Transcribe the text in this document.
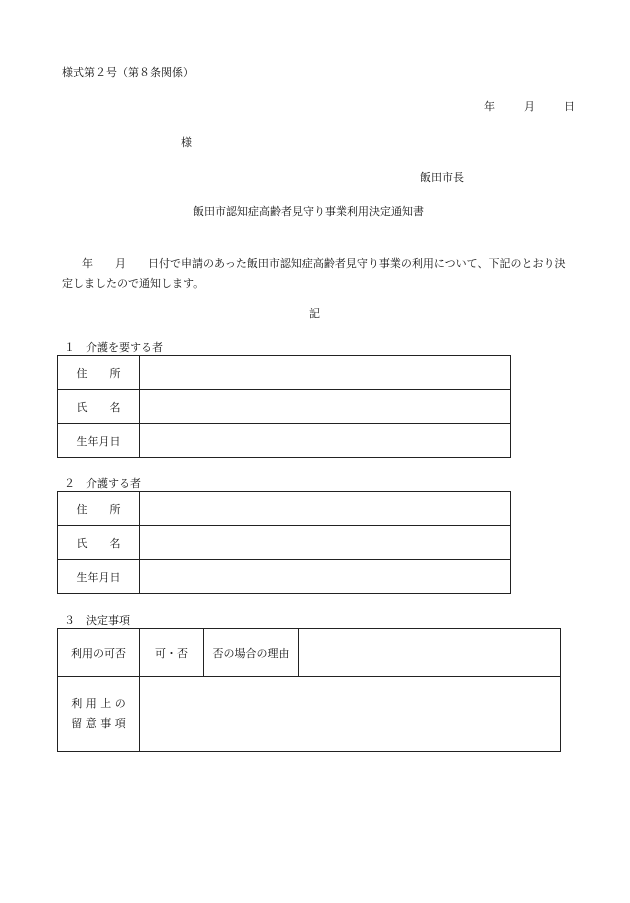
様式第２号（第８条関係）
年	月	日
様
飯田市長
飯田市認知症高齢者見守り事業利用決定通知書
年 月 日付で申請のあった飯田市認知症高齢者見守り事業の利用について、下記のとおり決定しましたので通知します。
記
１　介護を要する者
住　　所	
氏　　名	
生年月日	
２　介護する者
住　　所	
氏　　名	
生年月日	
３　決定事項
利用の可否	可・否	否の場合の理由	

利 用 上 の
留 意 事 項			
